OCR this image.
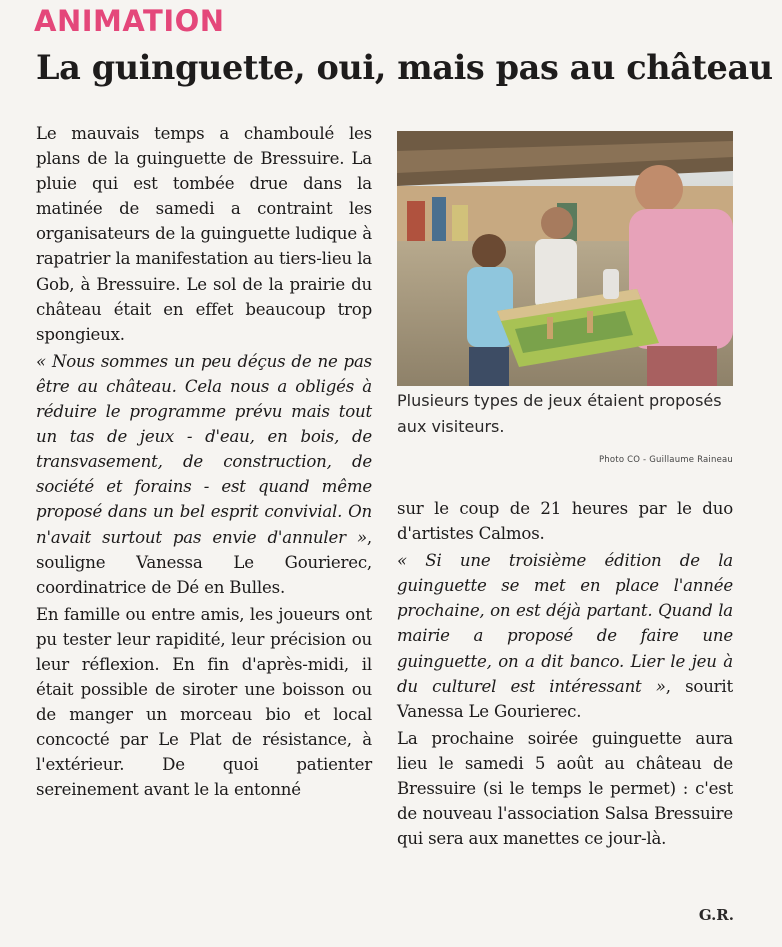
ANIMATION
La guinguette, oui, mais pas au château

Le mauvais temps a chamboulé les plans de la guinguette de Bressuire. La pluie qui est tombée drue dans la matinée de samedi a contraint les organisateurs de la guinguette ludique à rapatrier la manifestation au tiers-lieu la Gob, à Bressuire. Le sol de la prairie du château était en effet beaucoup trop spongieux.

« Nous sommes un peu déçus de ne pas être au château. Cela nous a obligés à réduire le programme prévu mais tout un tas de jeux - d'eau, en bois, de transvasement, de construction, de société et forains - est quand même proposé dans un bel esprit convivial. On n'avait surtout pas envie d'annuler », souligne Vanessa Le Gourierec, coordinatrice de Dé en Bulles.

En famille ou entre amis, les joueurs ont pu tester leur rapidité, leur précision ou leur réflexion. En fin d'après-midi, il était possible de siroter une boisson ou de manger un morceau bio et local concocté par Le Plat de résistance, à l'extérieur. De quoi patienter sereinement avant le la entonné

Plusieurs types de jeux étaient proposés aux visiteurs.
Photo CO - Guillaume Raineau

sur le coup de 21 heures par le duo d'artistes Calmos.

« Si une troisième édition de la guinguette se met en place l'année prochaine, on est déjà partant. Quand la mairie a proposé de faire une guinguette, on a dit banco. Lier le jeu à du culturel est intéressant », sourit Vanessa Le Gourierec.

La prochaine soirée guinguette aura lieu le samedi 5 août au château de Bressuire (si le temps le permet) : c'est de nouveau l'association Salsa Bressuire qui sera aux manettes ce jour-là.

G.R.
